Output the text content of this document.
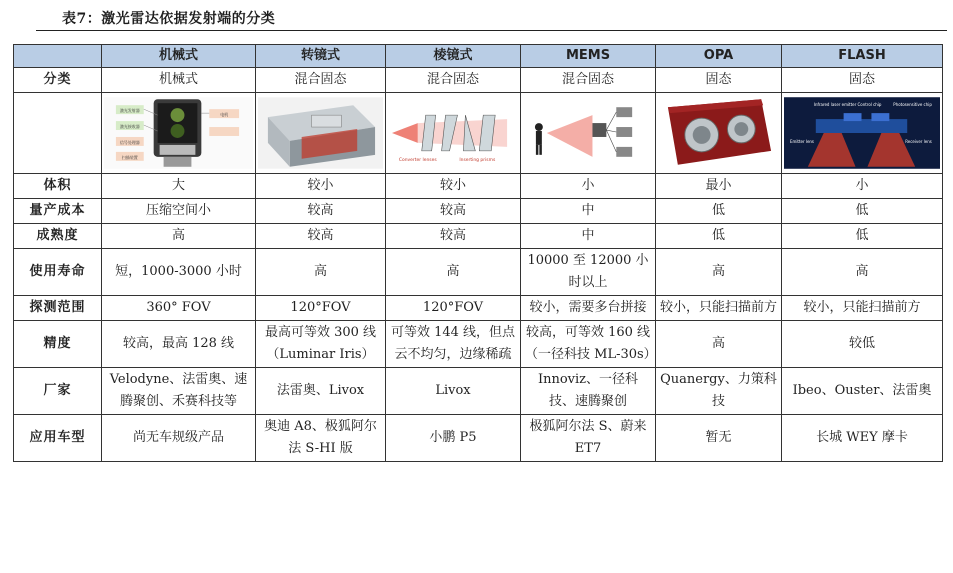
表7：激光雷达依据发射端的分类
	机械式	转镜式	棱镜式	MEMS	OPA	FLASH
分类	机械式	混合固态	混合固态	混合固态	固态	固态

激光发射器
激光接收器
信号处理器
扫描装置
电机		Converter lenses Inserting prisms			Infrared laser emitter Control chip Photosensitive chip
Emitter lens Receiver lens

体积	大	较小	较小	小	最小	小
量产成本	压缩空间小	较高	较高	中	低	低
成熟度	高	较高	较高	中	低	低
使用寿命	短，1000-3000 小时	高	高	10000 至 12000 小时以上	高	高
探测范围	360° FOV	120°FOV	120°FOV	较小，需要多台拼接	较小，只能扫描前方	较小，只能扫描前方
精度	较高，最高 128 线	最高可等效 300 线（Luminar Iris）	可等效 144 线，但点云不均匀，边缘稀疏	较高，可等效 160 线（一径科技 ML-30s）	高	较低
厂家	Velodyne、法雷奥、速腾聚创、禾赛科技等	法雷奥、Livox	Livox	Innoviz、一径科技、速腾聚创	Quanergy、力策科技	Ibeo、Ouster、法雷奥
应用车型	尚无车规级产品	奥迪 A8、极狐阿尔法 S-HI 版	小鹏 P5	极狐阿尔法 S、蔚来 ET7	暂无	长城 WEY 摩卡
